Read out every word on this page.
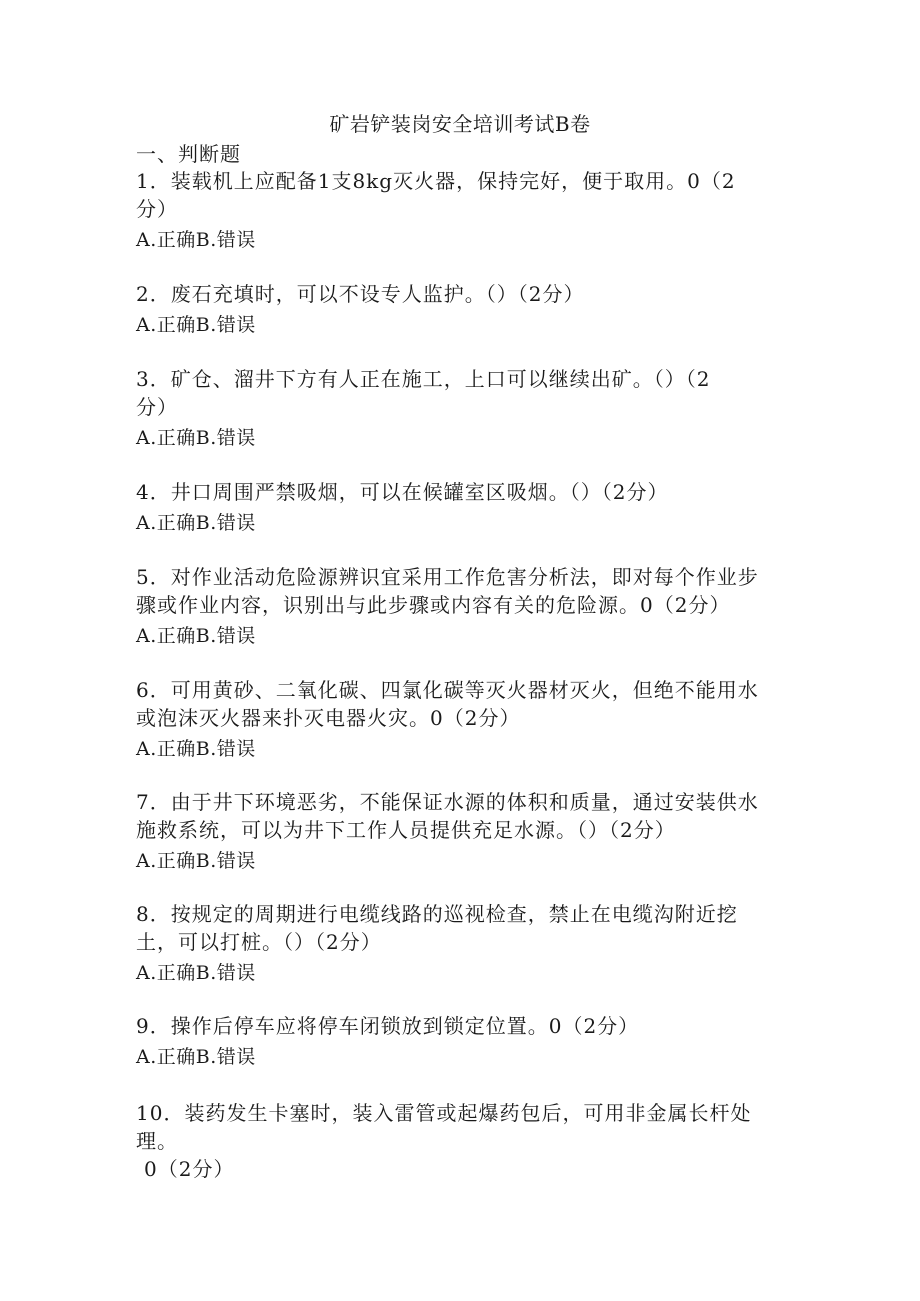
矿岩铲装岗安全培训考试B卷
一、判断题
1．装载机上应配备1支8kg灭火器，保持完好，便于取用。0（2
分）
A.正确B.错误
2．废石充填时，可以不设专人监护。（）（2分）
A.正确B.错误
3．矿仓、溜井下方有人正在施工，上口可以继续出矿。（）（2
分）
A.正确B.错误
4．井口周围严禁吸烟，可以在候罐室区吸烟。（）（2分）
A.正确B.错误
5．对作业活动危险源辨识宜采用工作危害分析法，即对每个作业步
骤或作业内容，识别出与此步骤或内容有关的危险源。0（2分）
A.正确B.错误
6．可用黄砂、二氧化碳、四氯化碳等灭火器材灭火，但绝不能用水
或泡沫灭火器来扑灭电器火灾。0（2分）
A.正确B.错误
7．由于井下环境恶劣，不能保证水源的体积和质量，通过安装供水
施救系统，可以为井下工作人员提供充足水源。（）（2分）
A.正确B.错误
8．按规定的周期进行电缆线路的巡视检查，禁止在电缆沟附近挖
土，可以打桩。（）（2分）
A.正确B.错误
9．操作后停车应将停车闭锁放到锁定位置。0（2分）
A.正确B.错误
10．装药发生卡塞时，装入雷管或起爆药包后，可用非金属长杆处
理。
0（2分）
